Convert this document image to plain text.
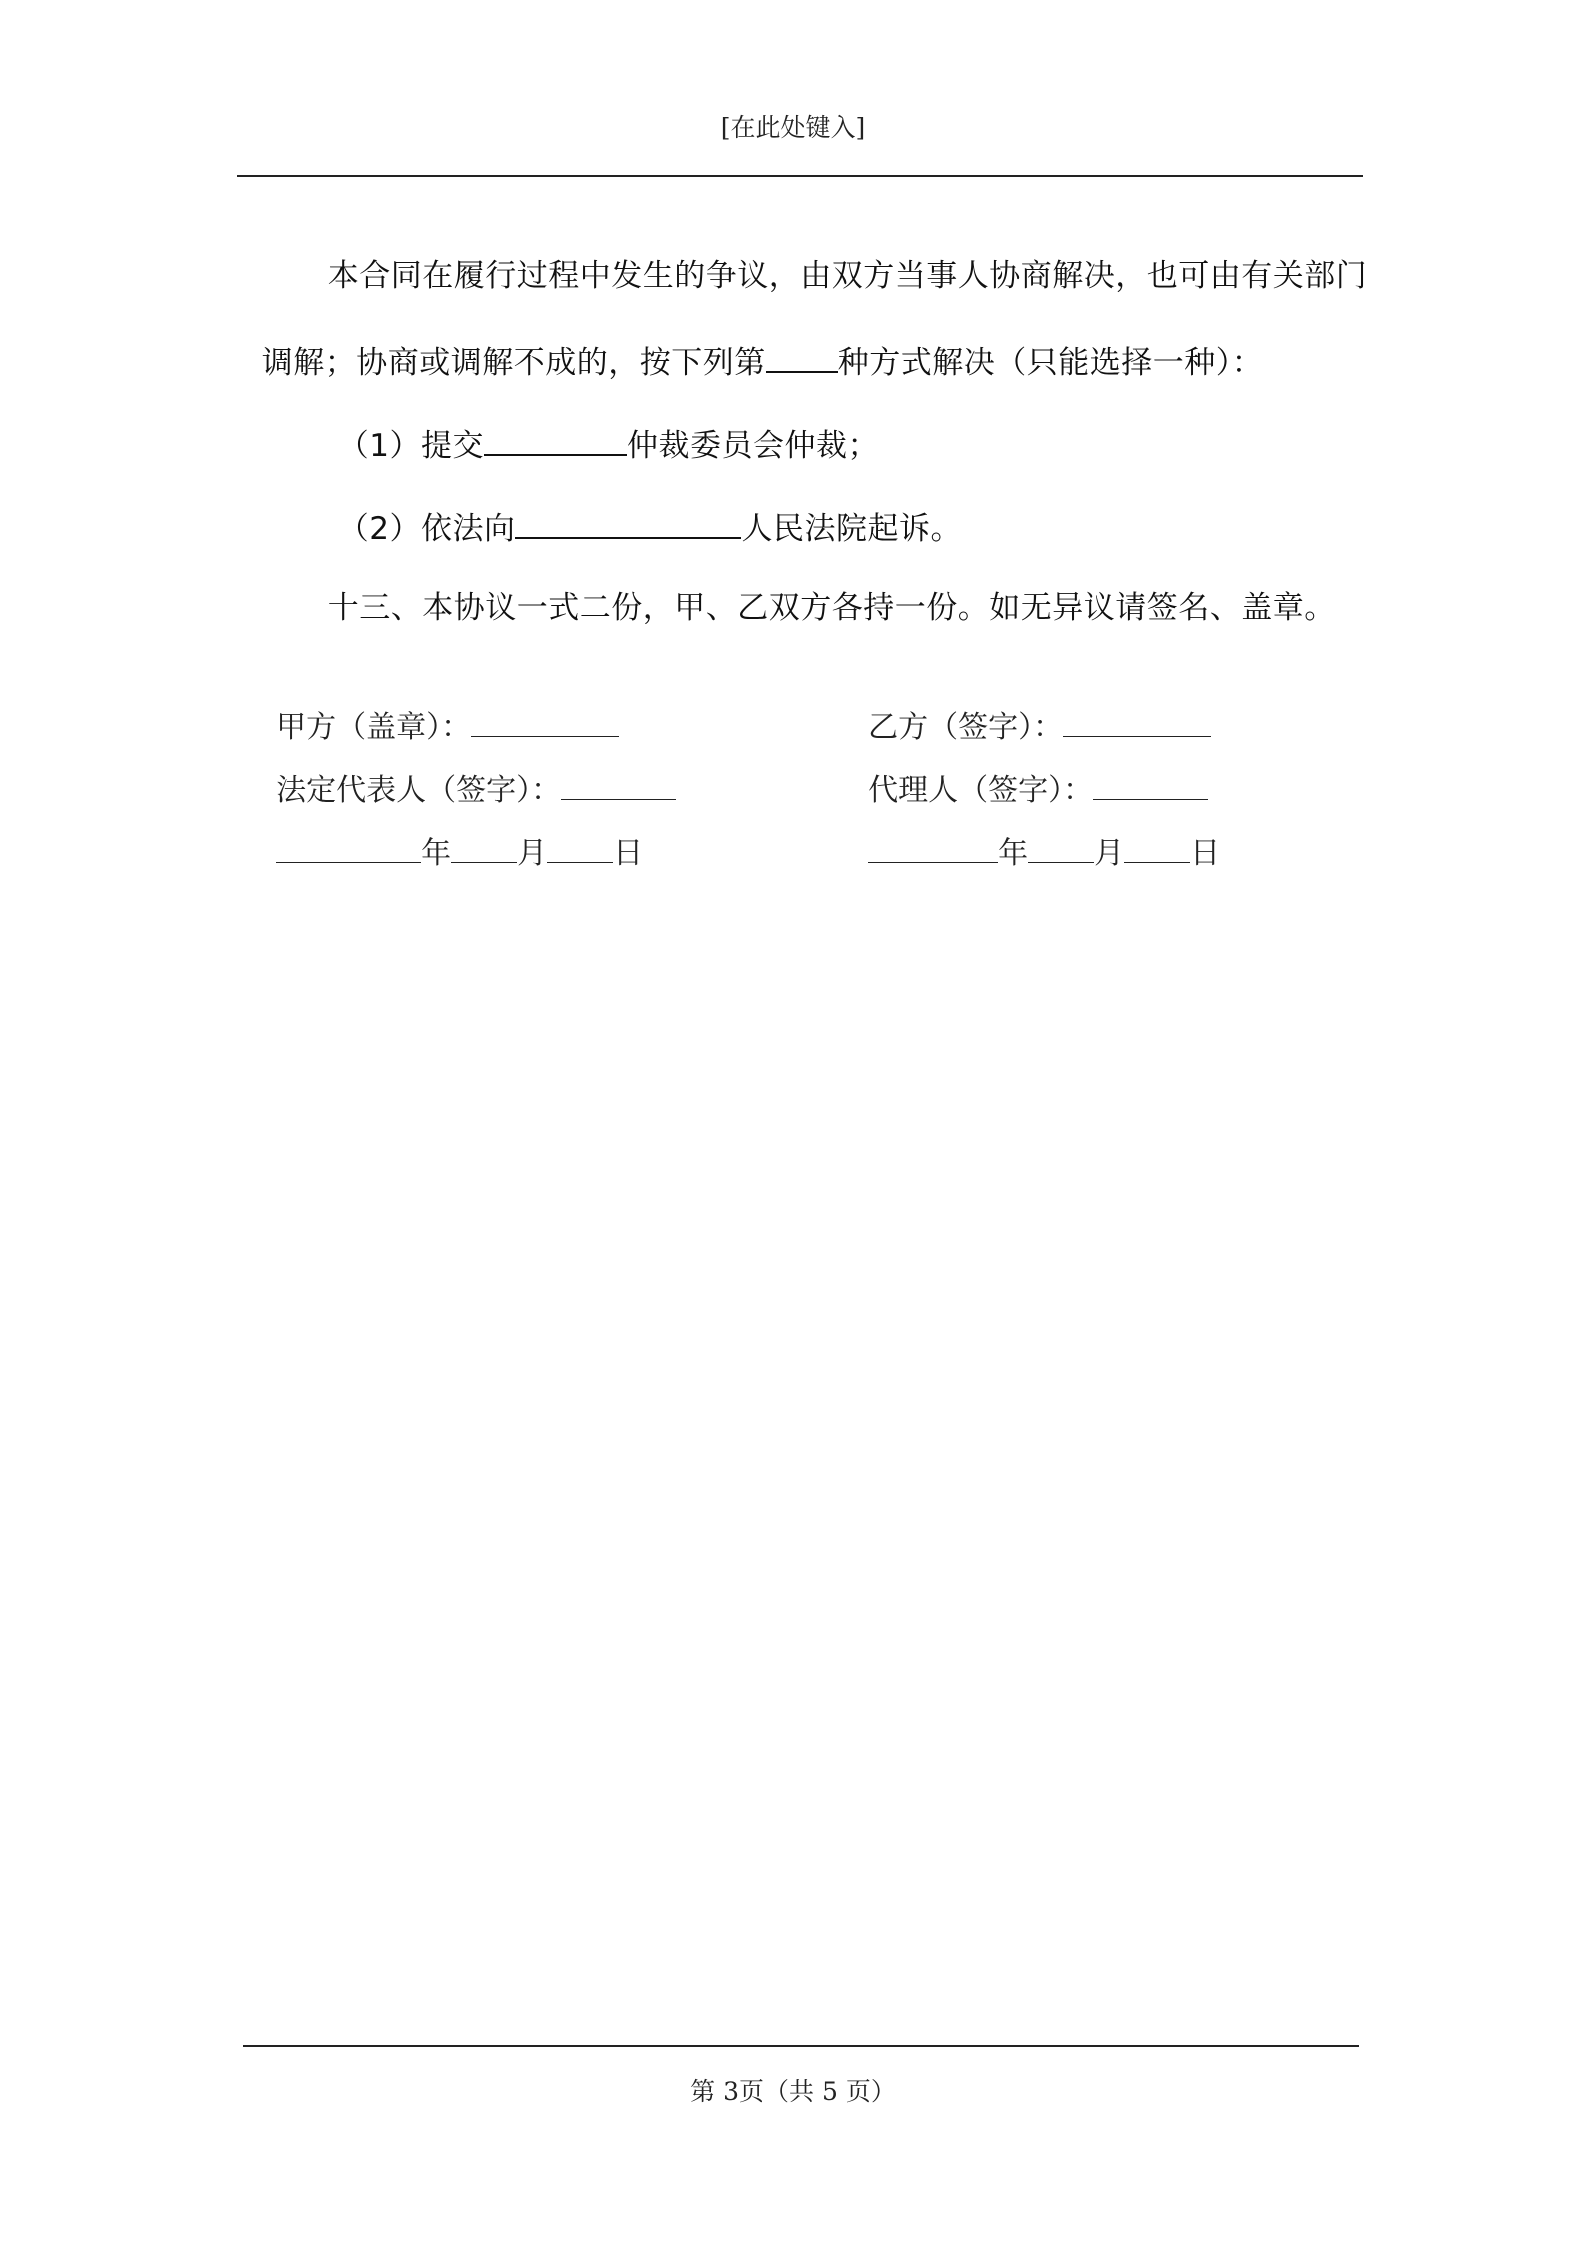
[在此处键入]

本合同在履行过程中发生的争议，由双方当事人协商解决，也可由有关部门

调解；协商或调解不成的，按下列第 种方式解决（只能选择一种）：

（1）提交	仲裁委员会仲裁；

（2）依法向	人民法院起诉。

十三、本协议一式二份，甲、乙双方各持一份。如无异议请签名、盖章。

甲方（盖章）：

法定代表人（签字）：

年 月 日

乙方（签字）：

代理人（签字）：

年 月 日

第 3页（共 5 页）
